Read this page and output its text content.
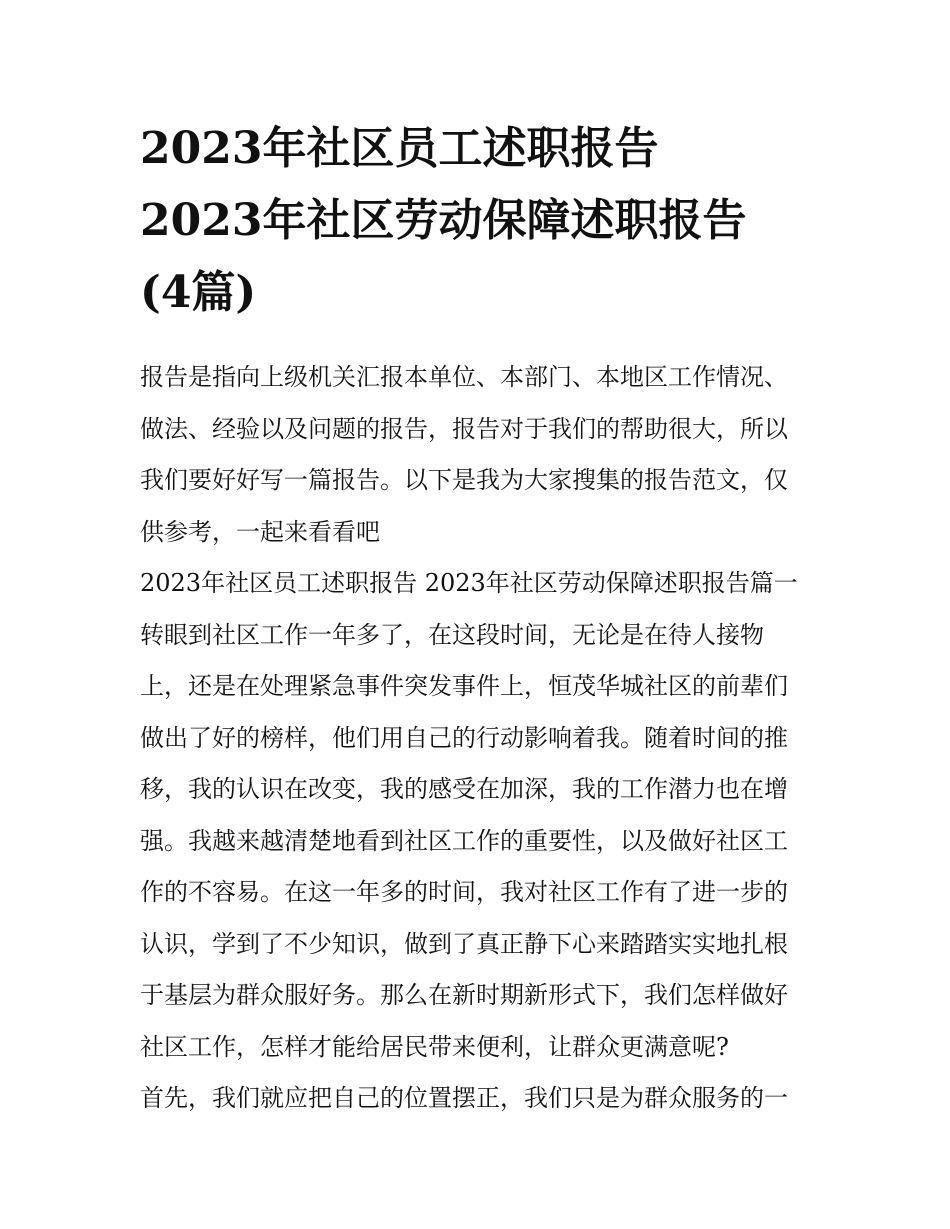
2023年社区员工述职报告
2023年社区劳动保障述职报告
(4篇)
报告是指向上级机关汇报本单位、本部门、本地区工作情况、
做法、经验以及问题的报告，报告对于我们的帮助很大，所以
我们要好好写一篇报告。以下是我为大家搜集的报告范文，仅
供参考，一起来看看吧
2023年社区员工述职报告 2023年社区劳动保障述职报告篇一
转眼到社区工作一年多了，在这段时间，无论是在待人接物
上，还是在处理紧急事件突发事件上，恒茂华城社区的前辈们
做出了好的榜样，他们用自己的行动影响着我。随着时间的推
移，我的认识在改变，我的感受在加深，我的工作潜力也在增
强。我越来越清楚地看到社区工作的重要性，以及做好社区工
作的不容易。在这一年多的时间，我对社区工作有了进一步的
认识，学到了不少知识，做到了真正静下心来踏踏实实地扎根
于基层为群众服好务。那么在新时期新形式下，我们怎样做好
社区工作，怎样才能给居民带来便利，让群众更满意呢?
首先，我们就应把自己的位置摆正，我们只是为群众服务的一
